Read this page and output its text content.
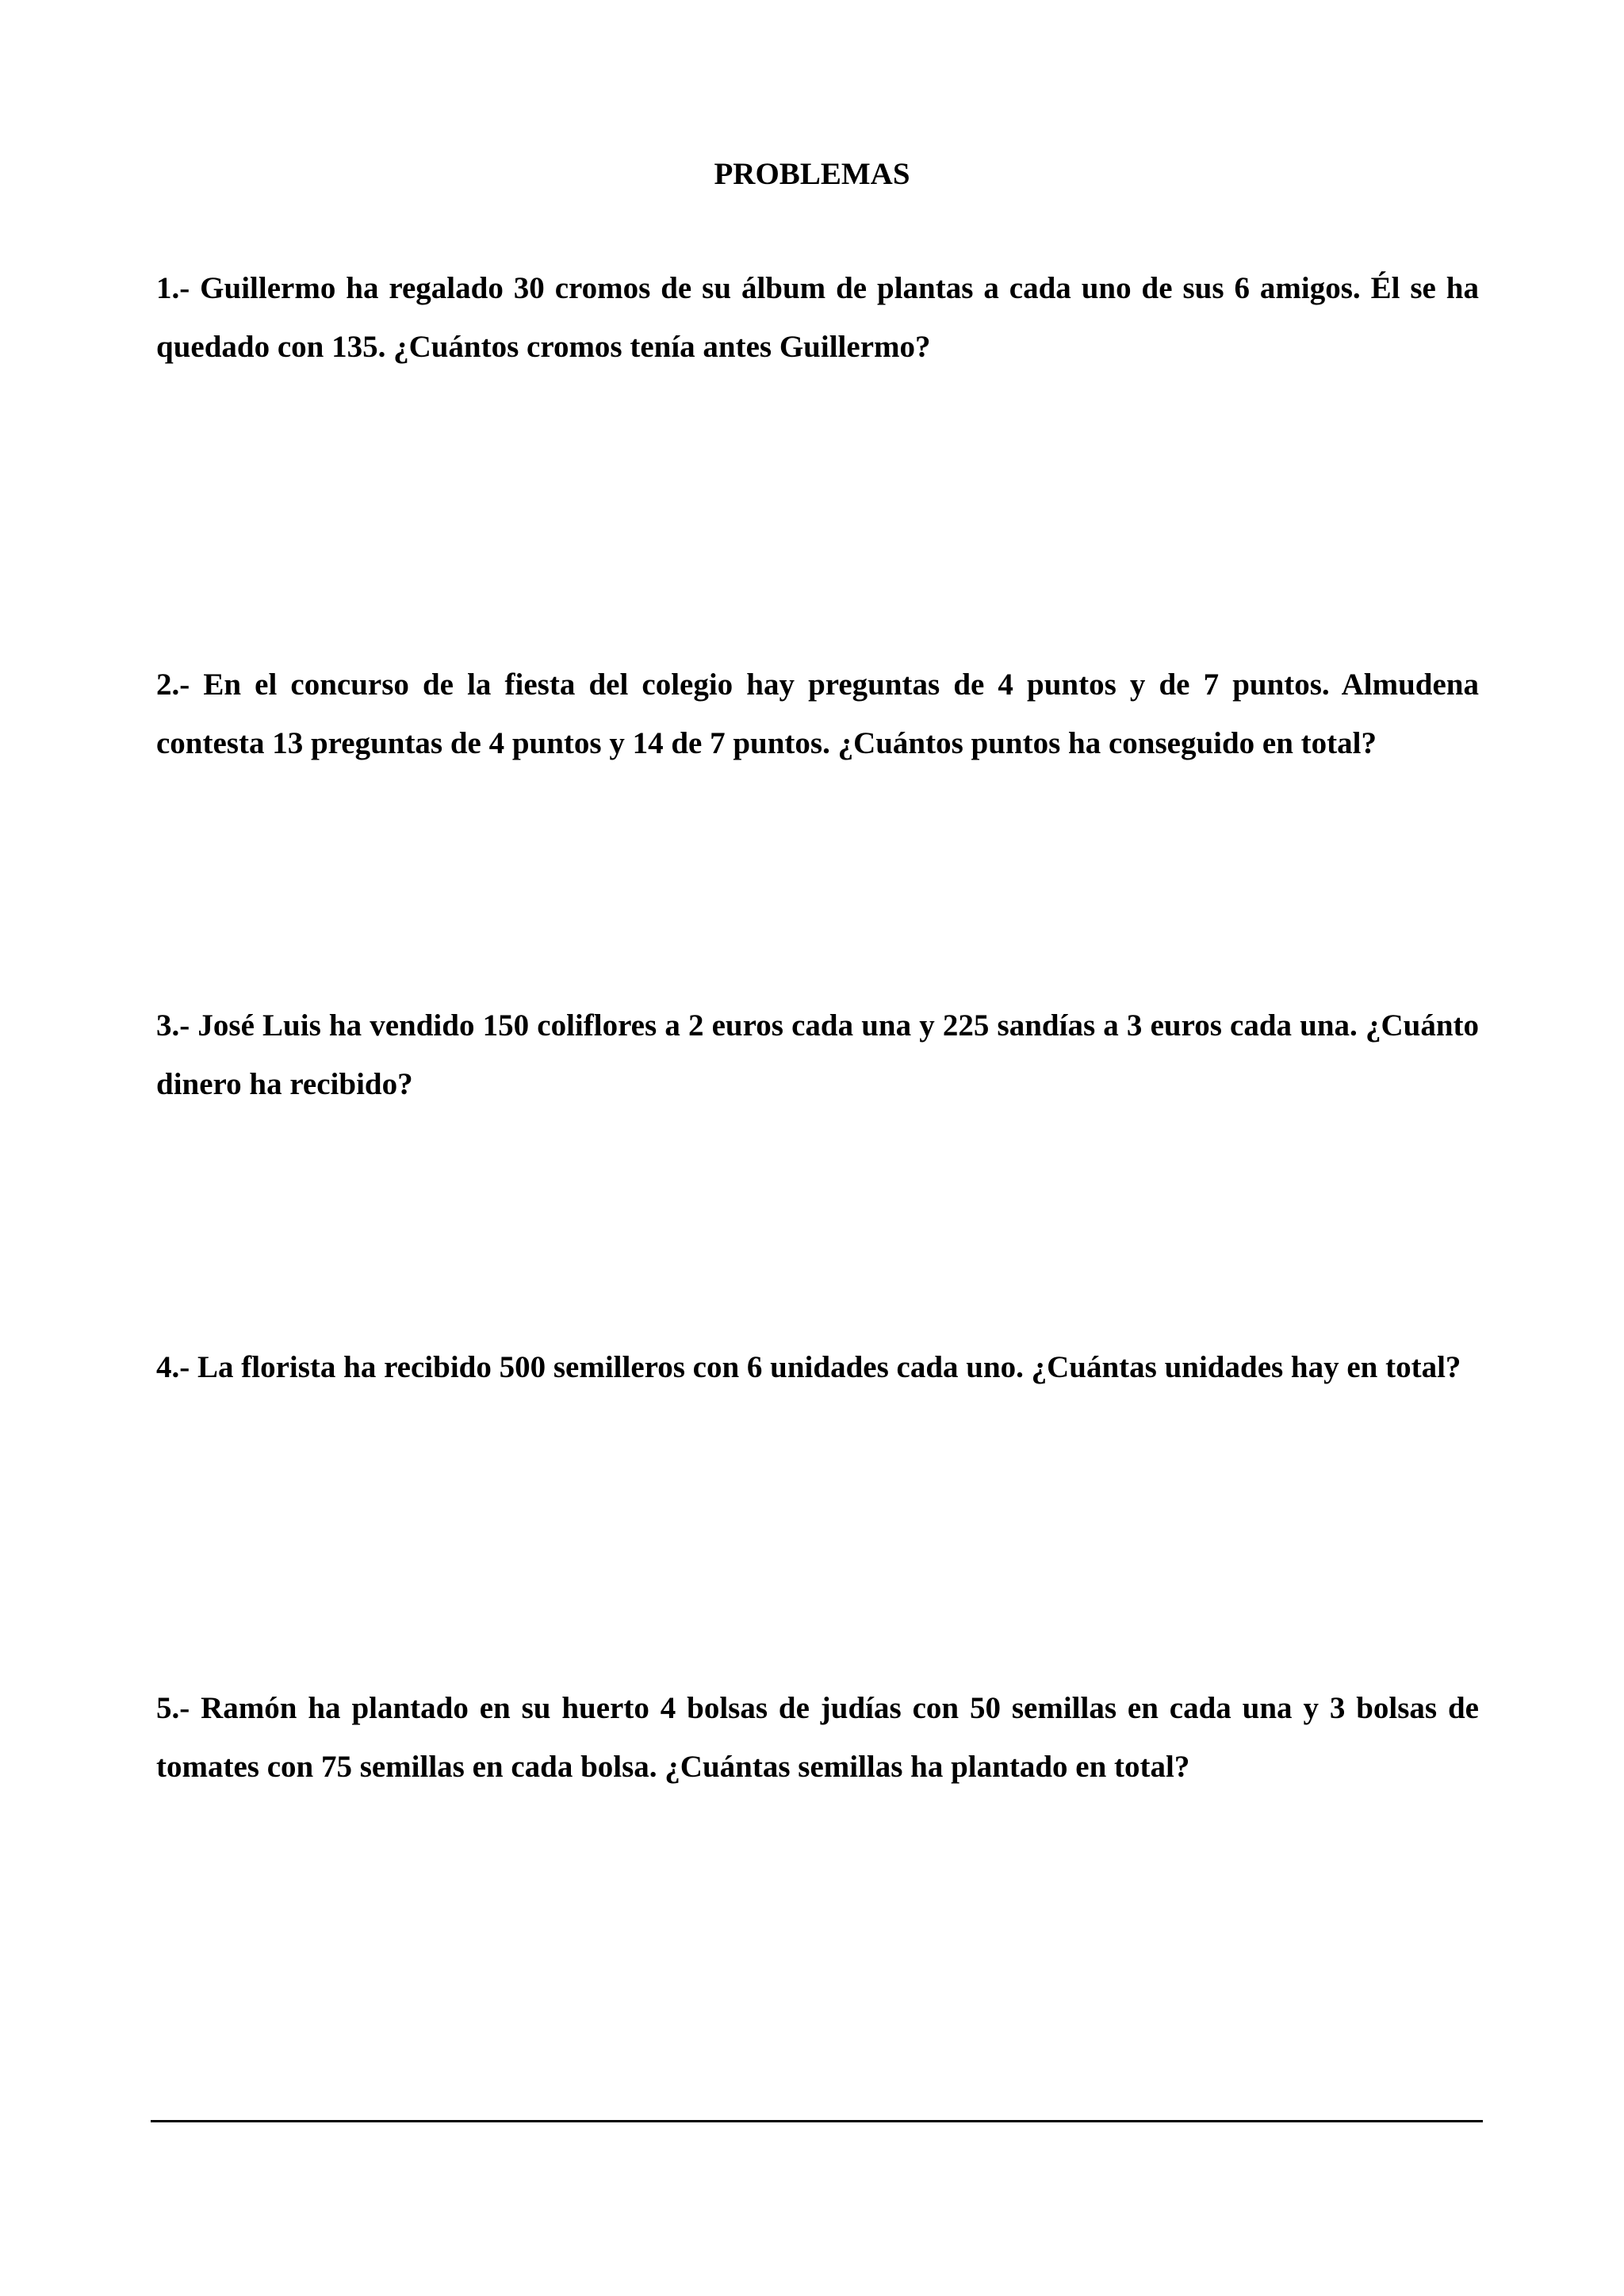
PROBLEMAS

1.- Guillermo ha regalado 30 cromos de su álbum de plantas a cada uno de sus 6 amigos. Él se ha quedado con 135. ¿Cuántos cromos tenía antes Guillermo?

2.- En el concurso de la fiesta del colegio hay preguntas de 4 puntos y de 7 puntos. Almudena contesta 13 preguntas de 4 puntos y 14 de 7 puntos. ¿Cuántos puntos ha conseguido en total?

3.- José Luis ha vendido 150 coliflores a 2 euros cada una y 225 sandías a 3 euros cada una. ¿Cuánto dinero ha recibido?

4.- La florista ha recibido 500 semilleros con 6 unidades cada uno. ¿Cuántas unidades hay en total?

5.- Ramón ha plantado en su huerto 4 bolsas de judías con 50 semillas en cada una y 3 bolsas de tomates con 75 semillas en cada bolsa. ¿Cuántas semillas ha plantado en total?
